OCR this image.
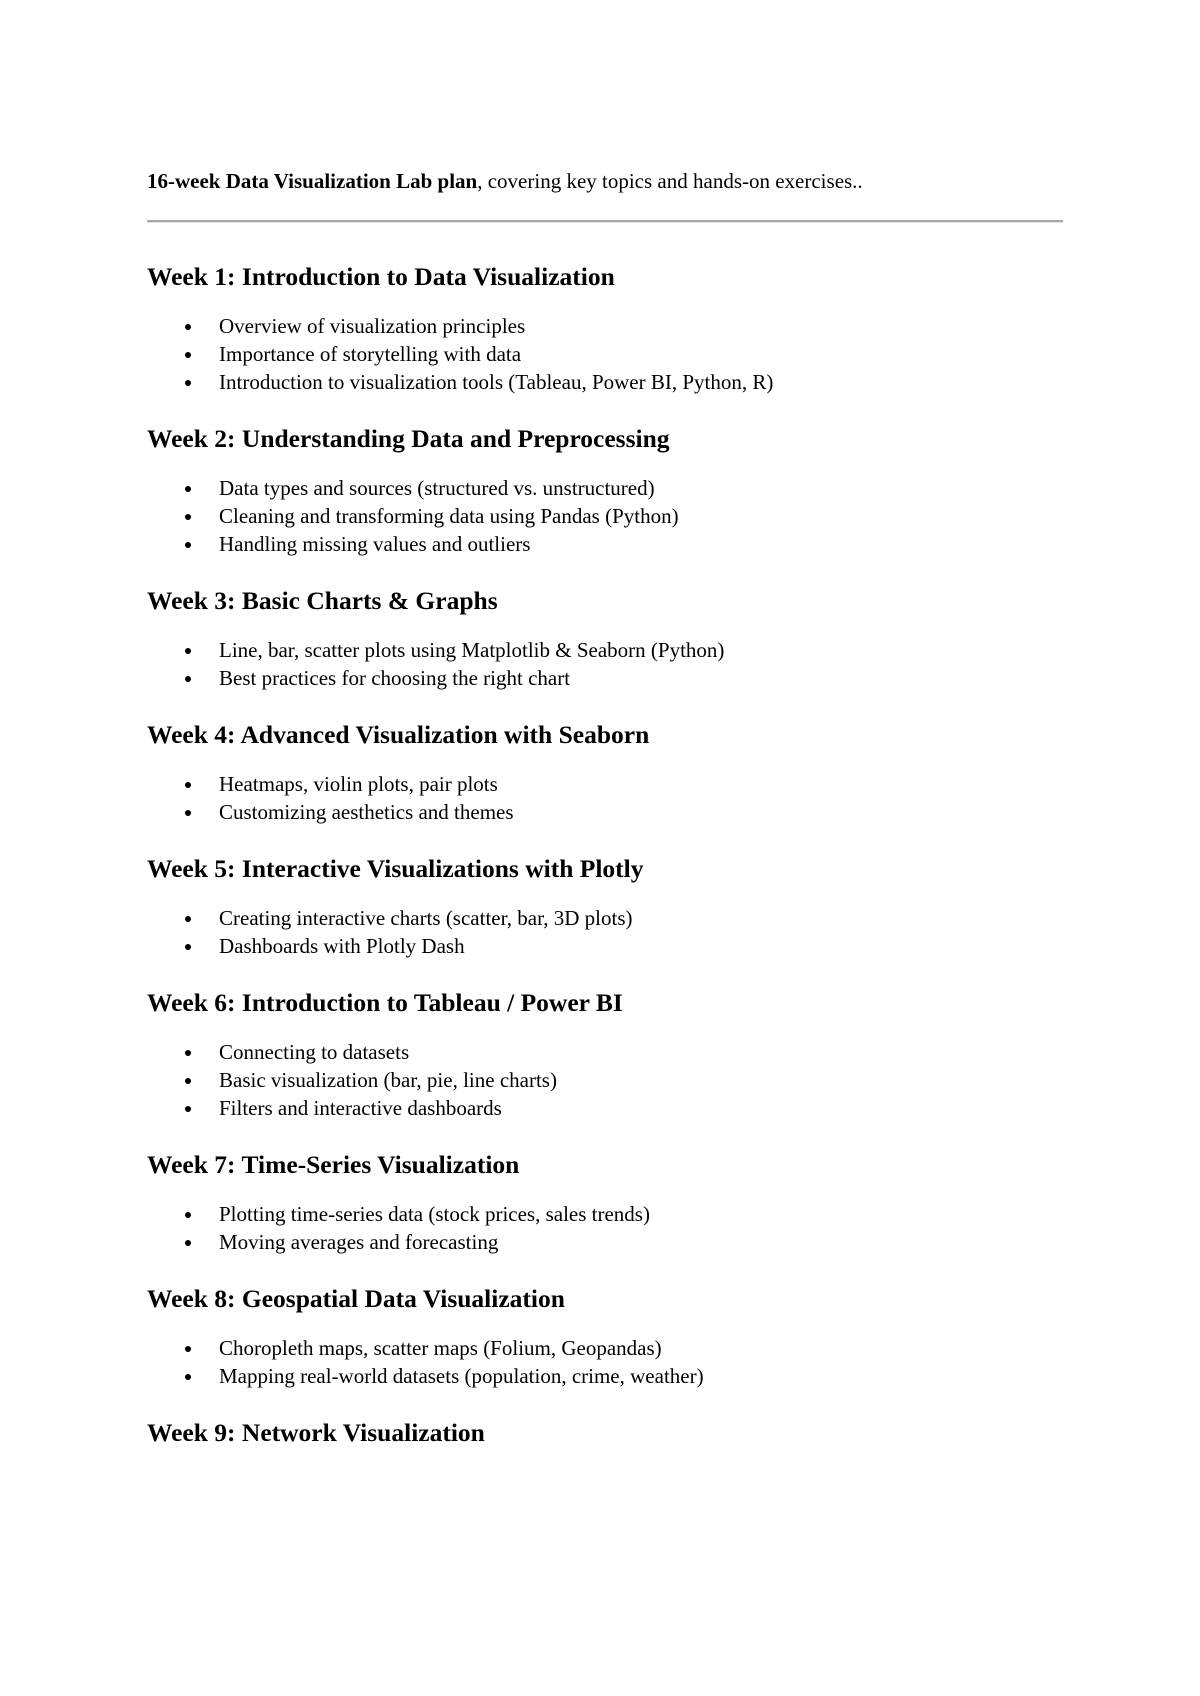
16-week Data Visualization Lab plan, covering key topics and hands-on exercises..

Week 1: Introduction to Data Visualization
Overview of visualization principles
Importance of storytelling with data
Introduction to visualization tools (Tableau, Power BI, Python, R)
Week 2: Understanding Data and Preprocessing
Data types and sources (structured vs. unstructured)
Cleaning and transforming data using Pandas (Python)
Handling missing values and outliers
Week 3: Basic Charts & Graphs
Line, bar, scatter plots using Matplotlib & Seaborn (Python)
Best practices for choosing the right chart
Week 4: Advanced Visualization with Seaborn
Heatmaps, violin plots, pair plots
Customizing aesthetics and themes
Week 5: Interactive Visualizations with Plotly
Creating interactive charts (scatter, bar, 3D plots)
Dashboards with Plotly Dash
Week 6: Introduction to Tableau / Power BI
Connecting to datasets
Basic visualization (bar, pie, line charts)
Filters and interactive dashboards
Week 7: Time-Series Visualization
Plotting time-series data (stock prices, sales trends)
Moving averages and forecasting
Week 8: Geospatial Data Visualization
Choropleth maps, scatter maps (Folium, Geopandas)
Mapping real-world datasets (population, crime, weather)
Week 9: Network Visualization
